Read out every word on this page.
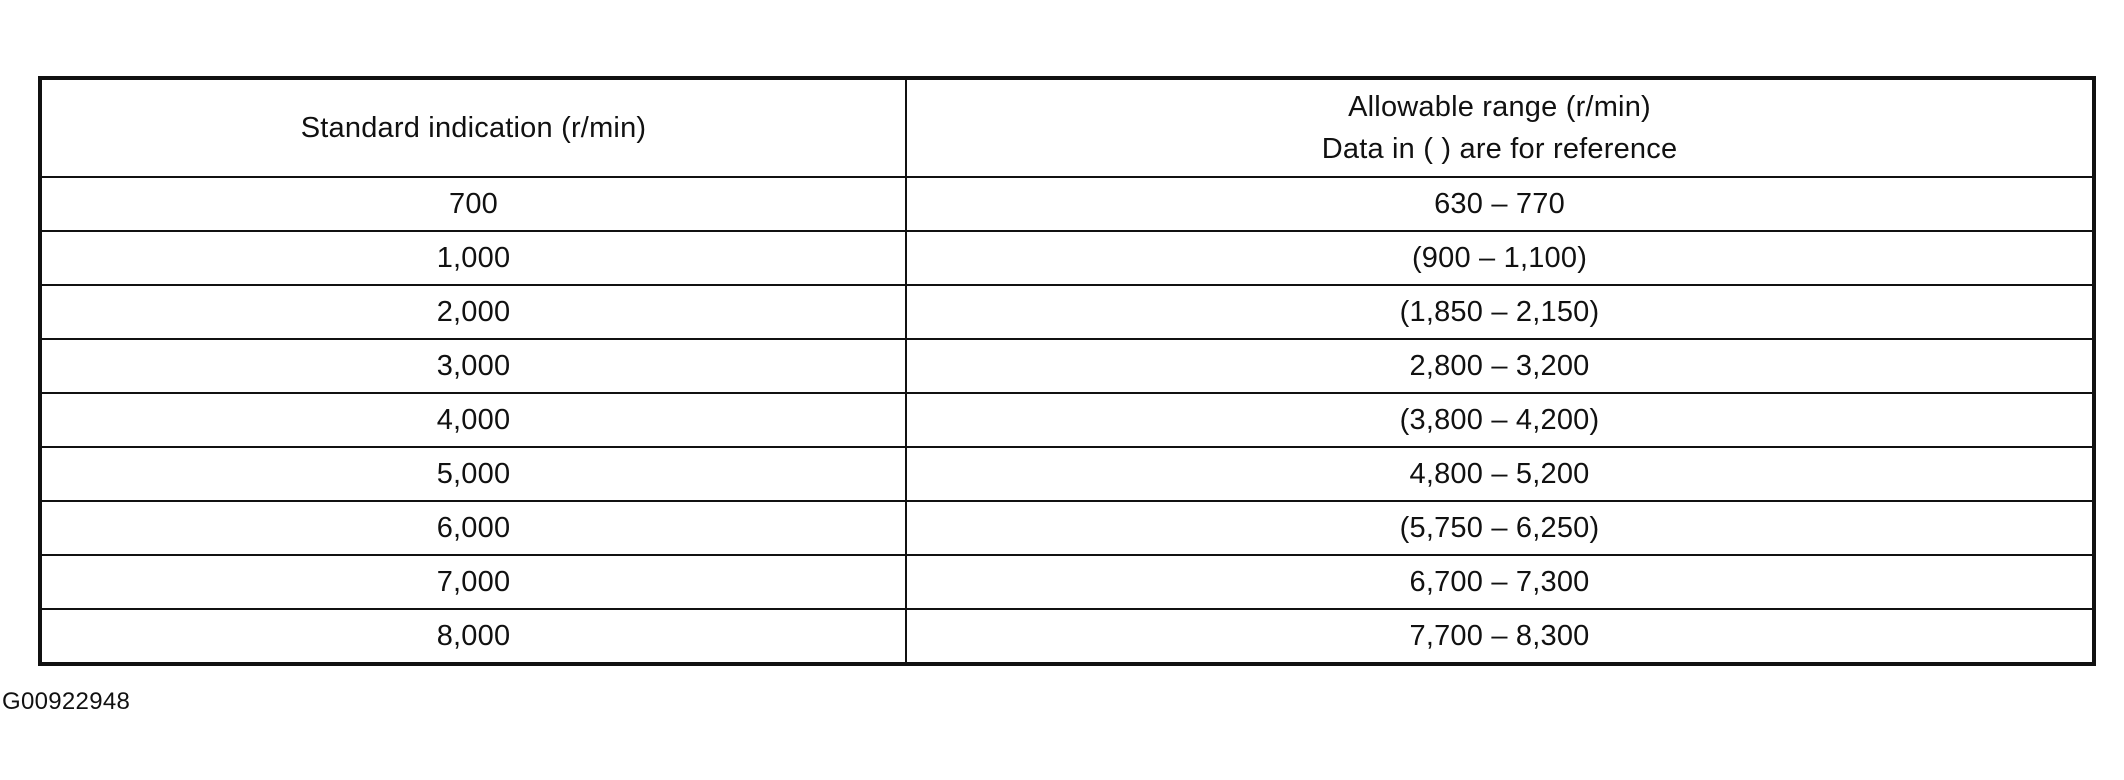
Standard indication (r/min)	Allowable range (r/min)
Data in ( ) are for reference

700	630 – 770
1,000	(900 – 1,100)
2,000	(1,850 – 2,150)
3,000	2,800 – 3,200
4,000	(3,800 – 4,200)
5,000	4,800 – 5,200
6,000	(5,750 – 6,250)
7,000	6,700 – 7,300
8,000	7,700 – 8,300
G00922948
